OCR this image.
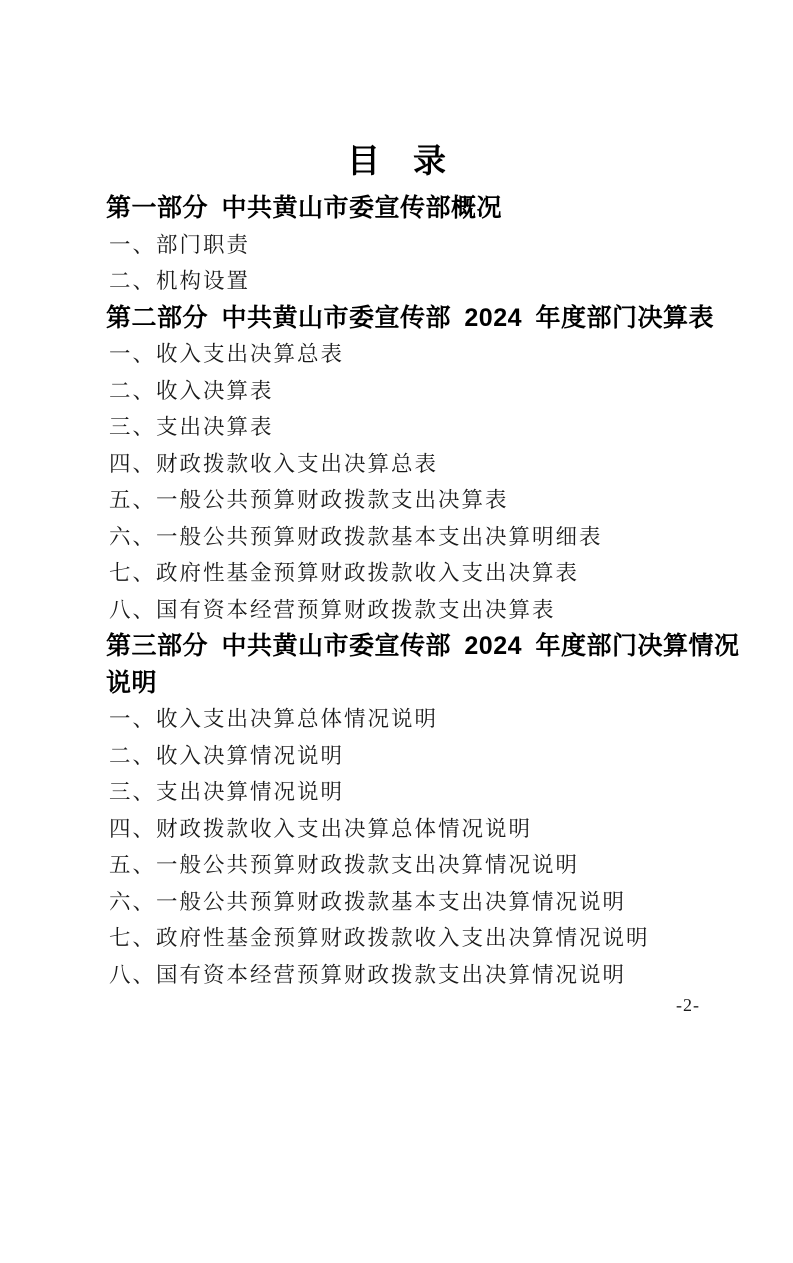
目　录
第一部分 中共黄山市委宣传部概况
一、部门职责
二、机构设置
第二部分 中共黄山市委宣传部 2024 年度部门决算表
一、收入支出决算总表
二、收入决算表
三、支出决算表
四、财政拨款收入支出决算总表
五、一般公共预算财政拨款支出决算表
六、一般公共预算财政拨款基本支出决算明细表
七、政府性基金预算财政拨款收入支出决算表
八、国有资本经营预算财政拨款支出决算表
第三部分 中共黄山市委宣传部 2024 年度部门决算情况说明
一、收入支出决算总体情况说明
二、收入决算情况说明
三、支出决算情况说明
四、财政拨款收入支出决算总体情况说明
五、一般公共预算财政拨款支出决算情况说明
六、一般公共预算财政拨款基本支出决算情况说明
七、政府性基金预算财政拨款收入支出决算情况说明
八、国有资本经营预算财政拨款支出决算情况说明
-2-
